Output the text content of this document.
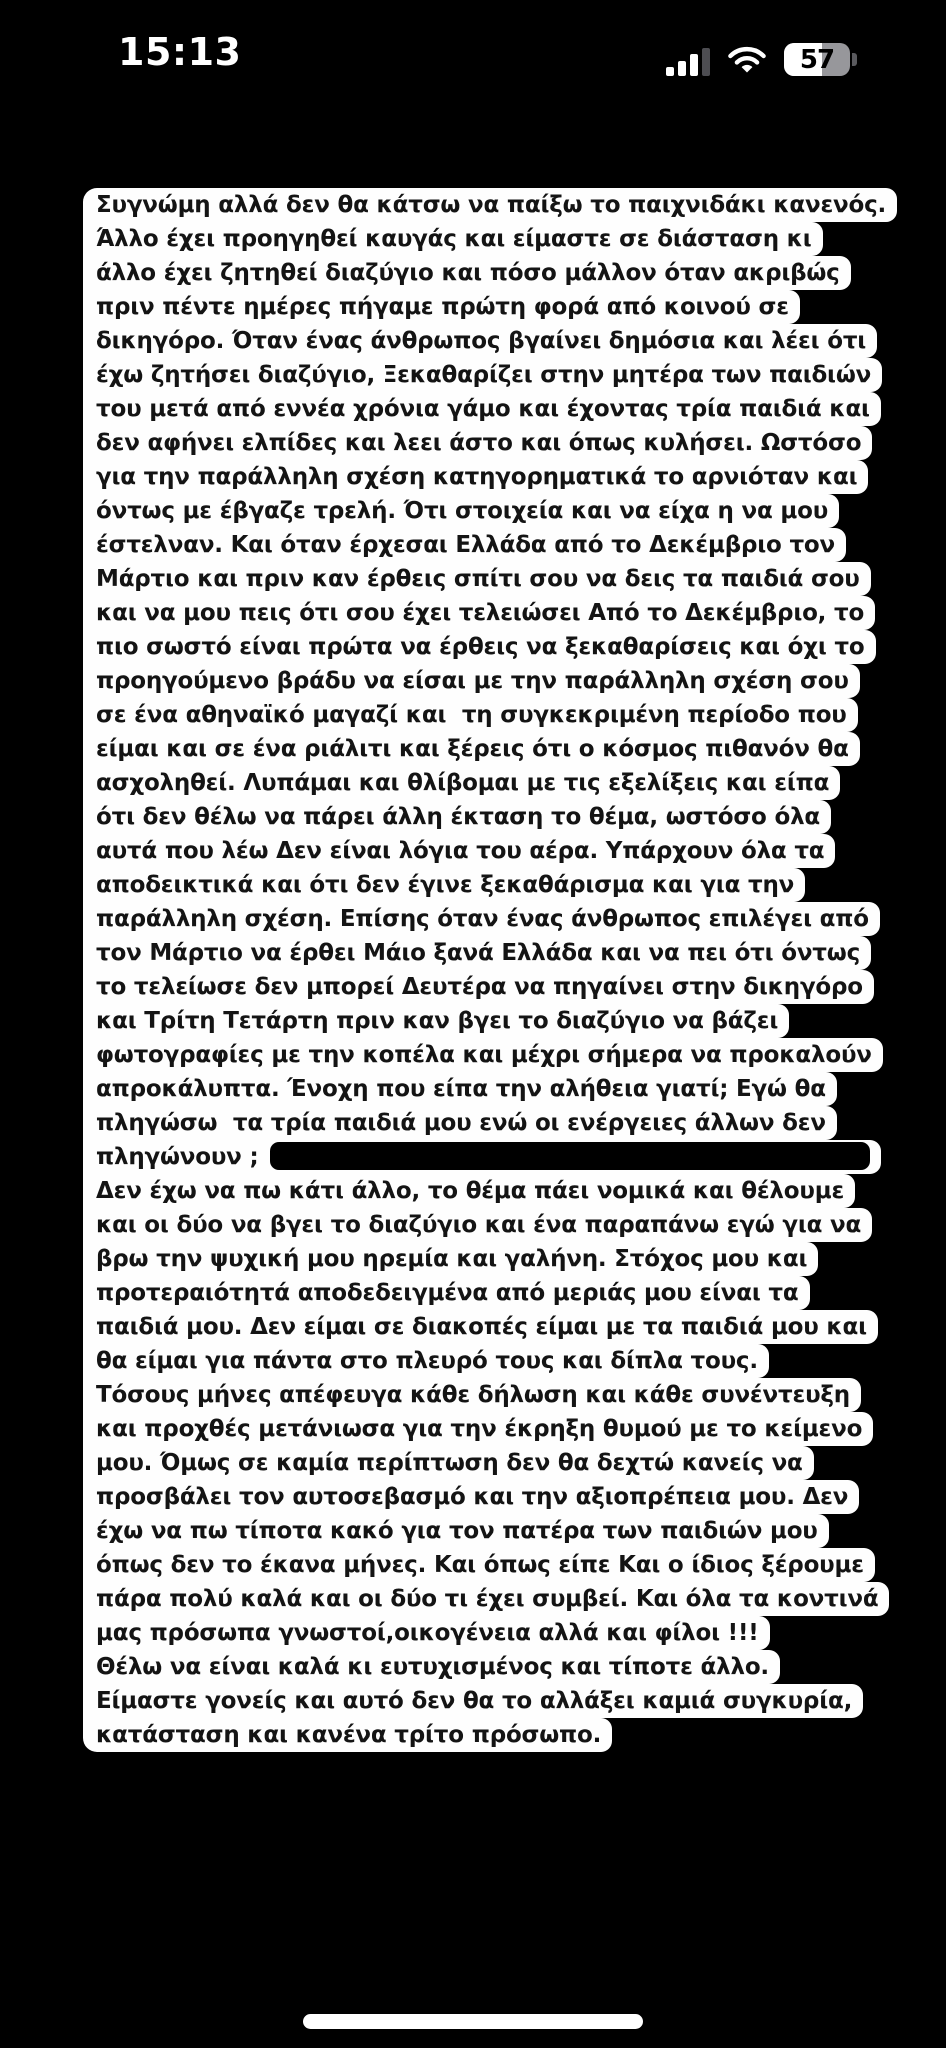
15:13	57
Συγνώμη αλλά δεν θα κάτσω να παίξω το παιχνιδάκι κανενός.
Άλλο έχει προηγηθεί καυγάς και είμαστε σε διάσταση κι
άλλο έχει ζητηθεί διαζύγιο και πόσο μάλλον όταν ακριβώς
πριν πέντε ημέρες πήγαμε πρώτη φορά από κοινού σε
δικηγόρο. Όταν ένας άνθρωπος βγαίνει δημόσια και λέει ότι
έχω ζητήσει διαζύγιο, Ξεκαθαρίζει στην μητέρα των παιδιών
του μετά από εννέα χρόνια γάμο και έχοντας τρία παιδιά και
δεν αφήνει ελπίδες και λεει άστο και όπως κυλήσει. Ωστόσο
για την παράλληλη σχέση κατηγορηματικά το αρνιόταν και
όντως με έβγαζε τρελή. Ότι στοιχεία και να είχα η να μου
έστελναν. Και όταν έρχεσαι Ελλάδα από το Δεκέμβριο τον
Μάρτιο και πριν καν έρθεις σπίτι σου να δεις τα παιδιά σου
και να μου πεις ότι σου έχει τελειώσει Από το Δεκέμβριο, το
πιο σωστό είναι πρώτα να έρθεις να ξεκαθαρίσεις και όχι το
προηγούμενο βράδυ να είσαι με την παράλληλη σχέση σου
σε ένα αθηναϊκό μαγαζί και  τη συγκεκριμένη περίοδο που
είμαι και σε ένα ριάλιτι και ξέρεις ότι ο κόσμος πιθανόν θα
ασχοληθεί. Λυπάμαι και θλίβομαι με τις εξελίξεις και είπα
ότι δεν θέλω να πάρει άλλη έκταση το θέμα, ωστόσο όλα
αυτά που λέω Δεν είναι λόγια του αέρα. Υπάρχουν όλα τα
αποδεικτικά και ότι δεν έγινε ξεκαθάρισμα και για την
παράλληλη σχέση. Επίσης όταν ένας άνθρωπος επιλέγει από
τον Μάρτιο να έρθει Μάιο ξανά Ελλάδα και να πει ότι όντως
το τελείωσε δεν μπορεί Δευτέρα να πηγαίνει στην δικηγόρο
και Τρίτη Τετάρτη πριν καν βγει το διαζύγιο να βάζει
φωτογραφίες με την κοπέλα και μέχρι σήμερα να προκαλούν
απροκάλυπτα. Ένοχη που είπα την αλήθεια γιατί; Εγώ θα
πληγώσω  τα τρία παιδιά μου ενώ οι ενέργειες άλλων δεν
πληγώνουν ;
Δεν έχω να πω κάτι άλλο, το θέμα πάει νομικά και θέλουμε
και οι δύο να βγει το διαζύγιο και ένα παραπάνω εγώ για να
βρω την ψυχική μου ηρεμία και γαλήνη. Στόχος μου και
προτεραιότητά αποδεδειγμένα από μεριάς μου είναι τα
παιδιά μου. Δεν είμαι σε διακοπές είμαι με τα παιδιά μου και
θα είμαι για πάντα στο πλευρό τους και δίπλα τους.
Τόσους μήνες απέφευγα κάθε δήλωση και κάθε συνέντευξη
και προχθές μετάνιωσα για την έκρηξη θυμού με το κείμενο
μου. Όμως σε καμία περίπτωση δεν θα δεχτώ κανείς να
προσβάλει τον αυτοσεβασμό και την αξιοπρέπεια μου. Δεν
έχω να πω τίποτα κακό για τον πατέρα των παιδιών μου
όπως δεν το έκανα μήνες. Και όπως είπε Και ο ίδιος ξέρουμε
πάρα πολύ καλά και οι δύο τι έχει συμβεί. Και όλα τα κοντινά
μας πρόσωπα γνωστοί,οικογένεια αλλά και φίλοι !!!
Θέλω να είναι καλά κι ευτυχισμένος και τίποτε άλλο.
Είμαστε γονείς και αυτό δεν θα το αλλάξει καμιά συγκυρία,
κατάσταση και κανένα τρίτο πρόσωπο.
